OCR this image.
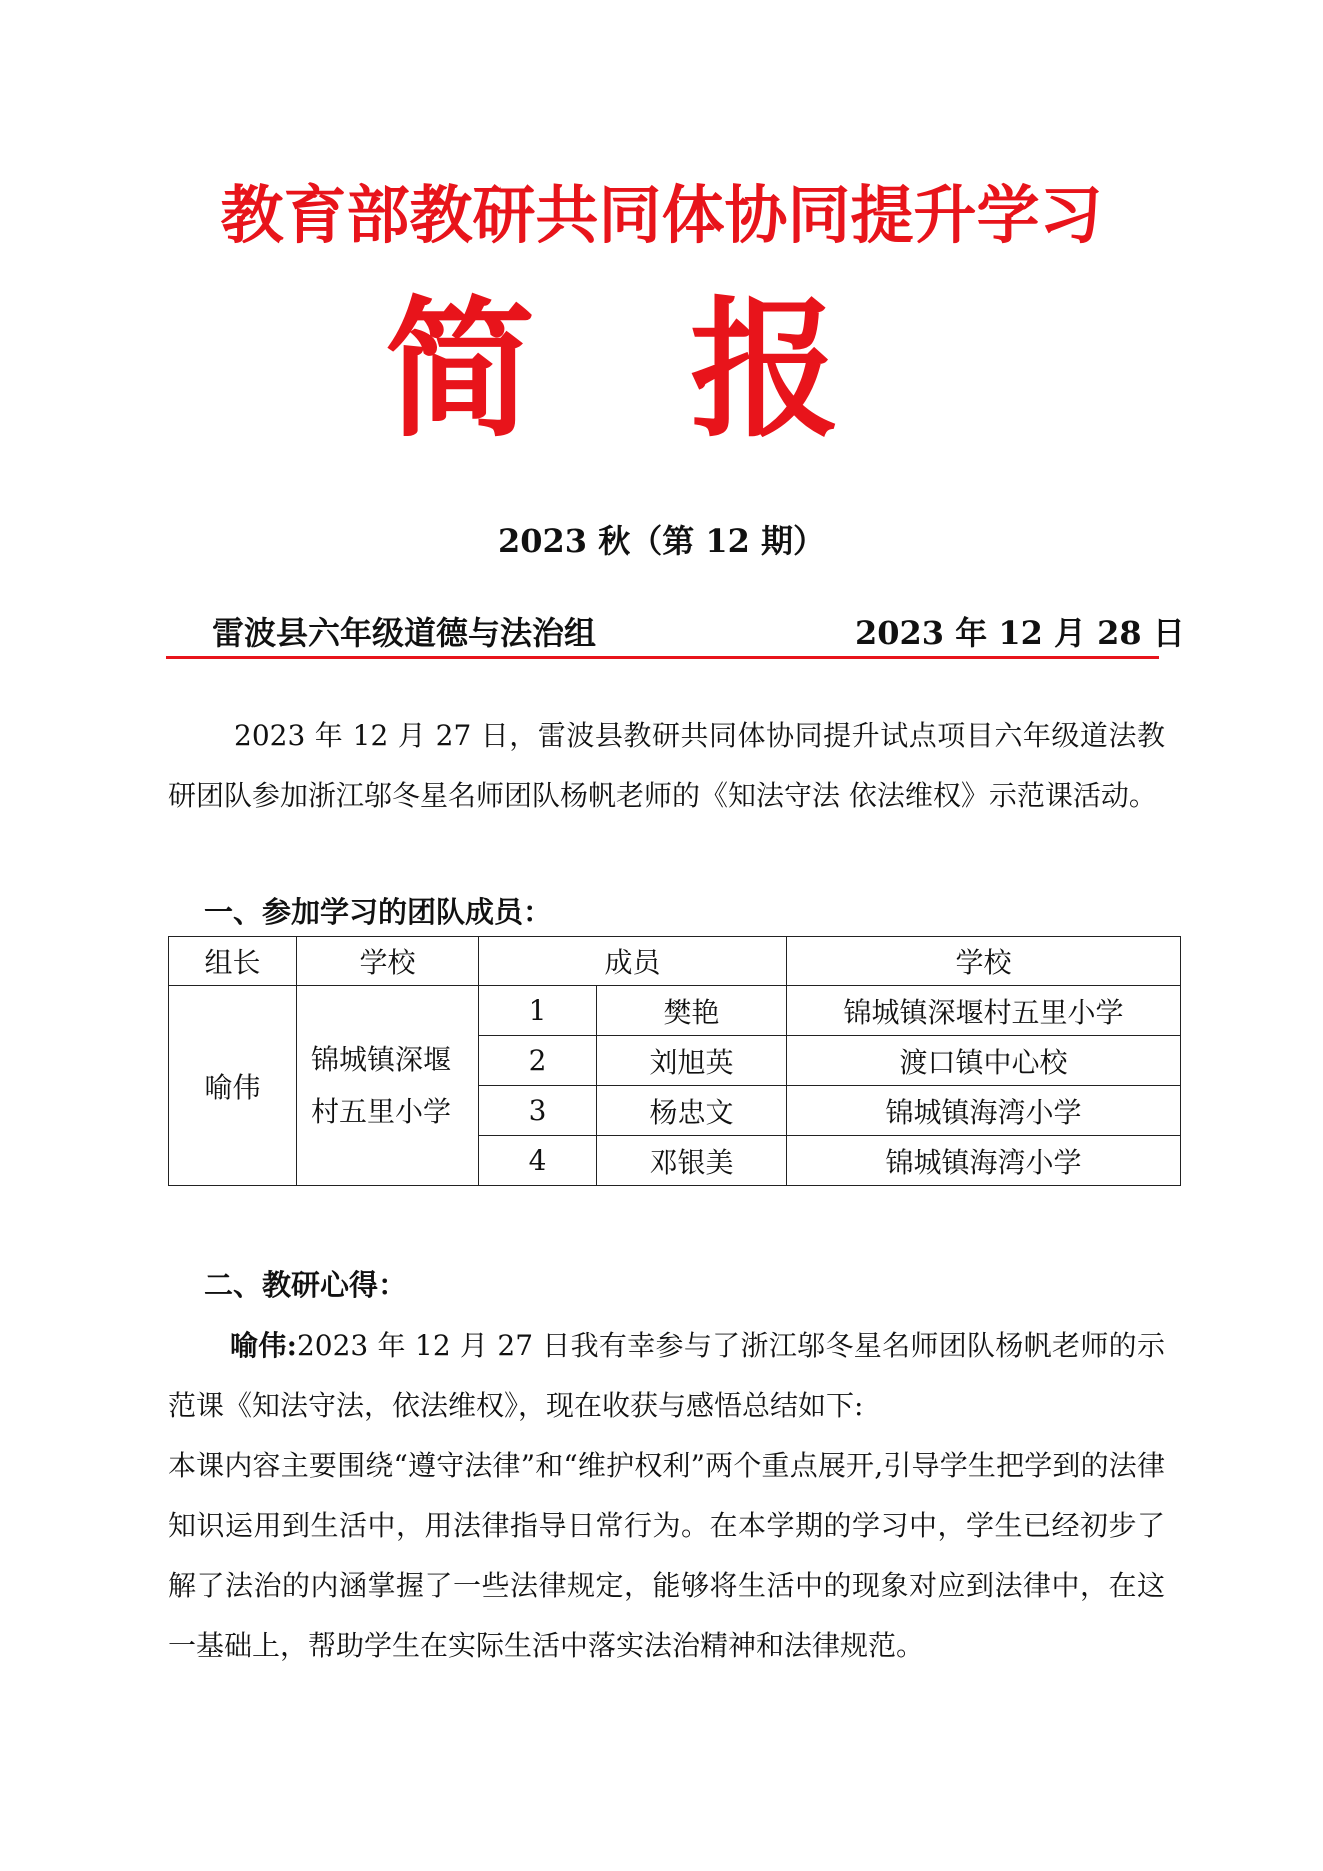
教育部教研共同体协同提升学习
简 报
2023 秋（第 12 期）
雷波县六年级道德与法治组	2023 年 12 月 28 日
2023 年 12 月 27 日，雷波县教研共同体协同提升试点项目六年级道法教研团队参加浙江邬冬星名师团队杨帆老师的《知法守法 依法维权》示范课活动。
一、参加学习的团队成员：
组长	学校	成员		学校
喻伟	锦城镇深堰村五里小学	1	樊艳	锦城镇深堰村五里小学
		2	刘旭英	渡口镇中心校
		3	杨忠文	锦城镇海湾小学
		4	邓银美	锦城镇海湾小学
二、教研心得：
喻伟:2023 年 12 月 27 日我有幸参与了浙江邬冬星名师团队杨帆老师的示范课《知法守法，依法维权》，现在收获与感悟总结如下:
本课内容主要围绕“遵守法律”和“维护权利”两个重点展开,引导学生把学到的法律知识运用到生活中，用法律指导日常行为。在本学期的学习中，学生已经初步了解了法治的内涵掌握了一些法律规定，能够将生活中的现象对应到法律中，在这一基础上，帮助学生在实际生活中落实法治精神和法律规范。
